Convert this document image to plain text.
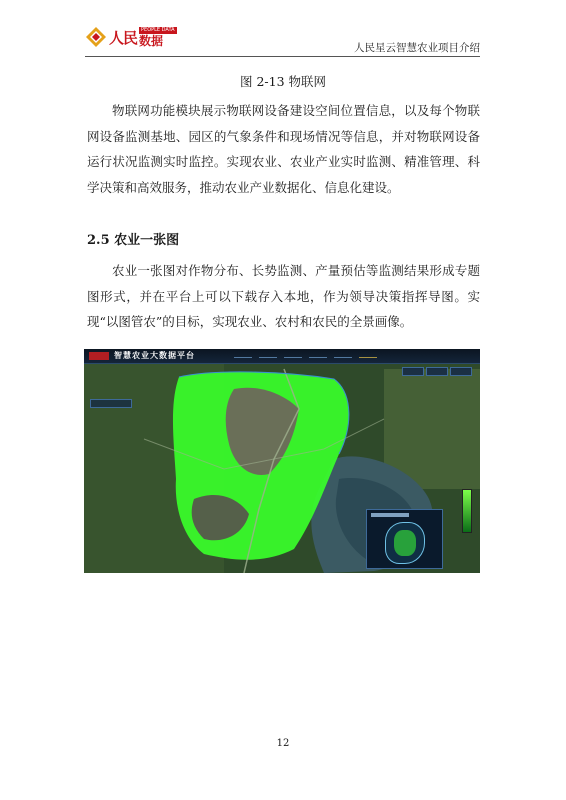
人民 PEOPLE DATA
数据
人民星云智慧农业项目介绍
图 2-13 物联网

物联网功能模块展示物联网设备建设空间位置信息，以及每个物联网设备监测基地、园区的气象条件和现场情况等信息，并对物联网设备运行状况监测实时监控。实现农业、农业产业实时监测、精准管理、科学决策和高效服务，推动农业产业数据化、信息化建设。

2.5 农业一张图

农业一张图对作物分布、长势监测、产量预估等监测结果形成专题图形式，并在平台上可以下载存入本地，作为领导决策指挥导图。实现“以图管农”的目标，实现农业、农村和农民的全景画像。

智慧农业大数据平台
12
